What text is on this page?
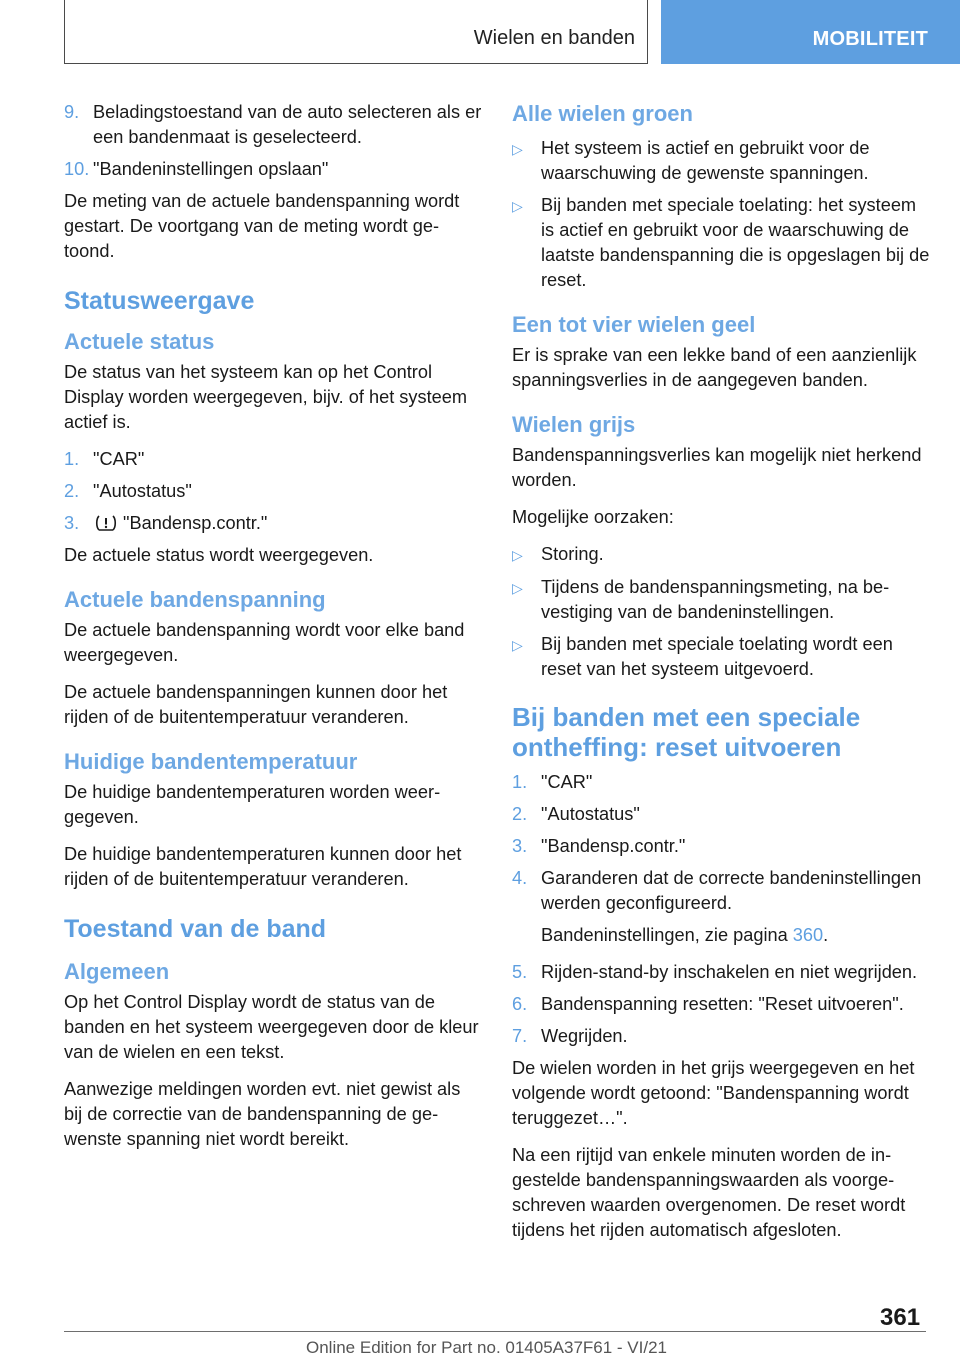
Wielen en banden	MOBILITEIT
9. Beladingstoestand van de auto selecteren als er een bandenmaat is geselecteerd.
10. "Bandeninstellingen opslaan"

De meting van de actuele bandenspanning wordt gestart. De voortgang van de meting wordt getoond.

Statusweergave
Actuele status

De status van het systeem kan op het Control Display worden weergegeven, bijv. of het systeem actief is.

1. "CAR"
2. "Autostatus"
3.	"Bandensp.contr."

De actuele status wordt weergegeven.

Actuele bandenspanning

De actuele bandenspanning wordt voor elke band weergegeven.

De actuele bandenspanningen kunnen door het rijden of de buitentemperatuur veranderen.

Huidige bandentemperatuur

De huidige bandentemperaturen worden weergegeven.

De huidige bandentemperaturen kunnen door het rijden of de buitentemperatuur veranderen.

Toestand van de band
Algemeen

Op het Control Display wordt de status van de banden en het systeem weergegeven door de kleur van de wielen en een tekst.

Aanwezige meldingen worden evt. niet gewist als bij de correctie van de bandenspanning de gewenste spanning niet wordt bereikt.

Alle wielen groen
▷	Het systeem is actief en gebruikt voor de waarschuwing de gewenste spanningen.
▷	Bij banden met speciale toelating: het systeem is actief en gebruikt voor de waarschuwing de laatste bandenspanning die is opgeslagen bij de reset.
Een tot vier wielen geel

Er is sprake van een lekke band of een aanzienlijk spanningsverlies in de aangegeven banden.

Wielen grijs

Bandenspanningsverlies kan mogelijk niet herkend worden.

Mogelijke oorzaken:

▷	Storing.
▷	Tijdens de bandenspanningsmeting, na bevestiging van de bandeninstellingen.
▷	Bij banden met speciale toelating wordt een reset van het systeem uitgevoerd.
Bij banden met een speciale ontheffing: reset uitvoeren
1. "CAR"
2. "Autostatus"
3. "Bandensp.contr."
4. Garanderen dat de correcte bandeninstellingen werden geconfigureerd.

Bandeninstellingen, zie pagina 360.

5. Rijden-stand-by inschakelen en niet wegrijden.
6. Bandenspanning resetten: "Reset uitvoeren".
7. Wegrijden.

De wielen worden in het grijs weergegeven en het volgende wordt getoond: "Bandenspanning wordt teruggezet…".

Na een rijtijd van enkele minuten worden de ingestelde bandenspanningswaarden als voorgeschreven waarden overgenomen. De reset wordt tijdens het rijden automatisch afgesloten.

361
Online Edition for Part no. 01405A37F61 - VI/21
